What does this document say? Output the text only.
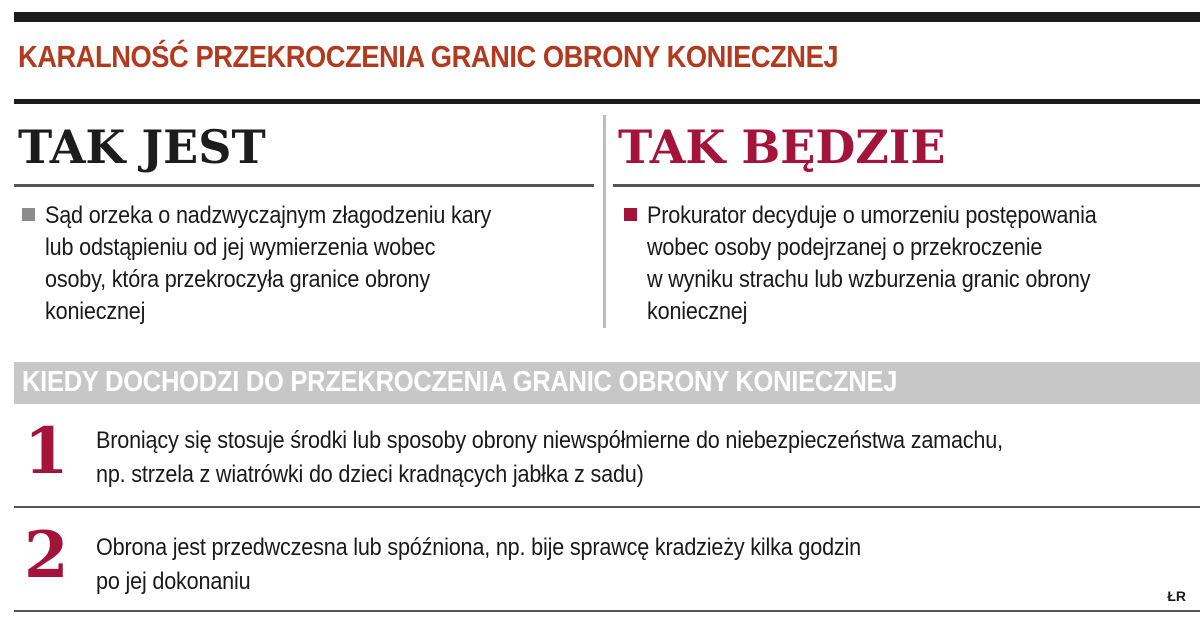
KARALNOŚĆ PRZEKROCZENIA GRANIC OBRONY KONIECZNEJ
TAK JEST	TAK BĘDZIE
Sąd orzeka o nadzwyczajnym złagodzeniu kary
lub odstąpieniu od jej wymierzenia wobec
osoby, która przekroczyła granice obrony
koniecznej
Prokurator decyduje o umorzeniu postępowania
wobec osoby podejrzanej o przekroczenie
w wyniku strachu lub wzburzenia granic obrony
koniecznej
KIEDY DOCHODZI DO PRZEKROCZENIA GRANIC OBRONY KONIECZNEJ
1 Broniący się stosuje środki lub sposoby obrony niewspółmierne do niebezpieczeństwa zamachu,
np. strzela z wiatrówki do dzieci kradnących jabłka z sadu)
2 Obrona jest przedwczesna lub spóźniona, np. bije sprawcę kradzieży kilka godzin
po jej dokonaniu
ŁR
